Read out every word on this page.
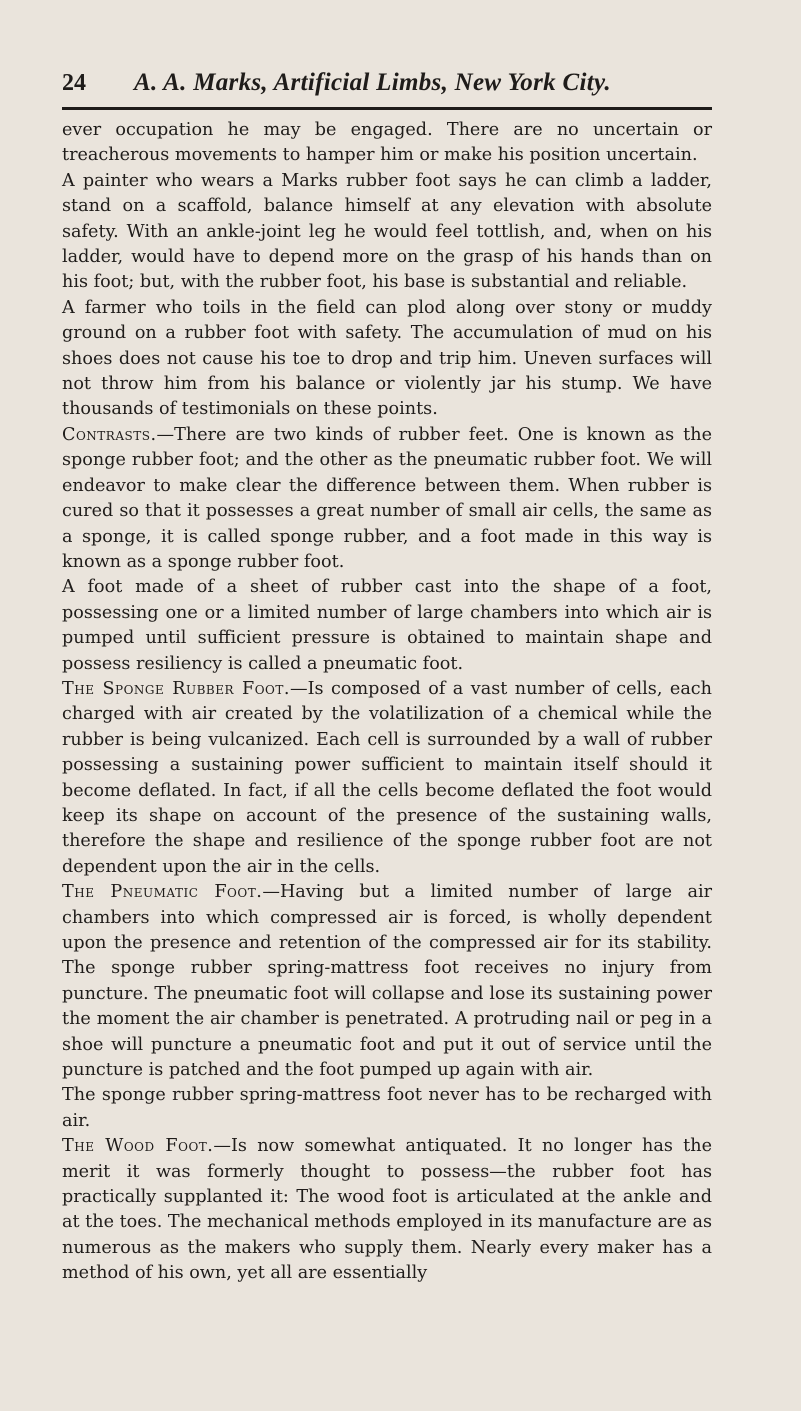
24 A. A. Marks, Artificial Limbs, New York City.

ever occupation he may be engaged. There are no uncertain or treacherous movements to hamper him or make his position uncertain.

A painter who wears a Marks rubber foot says he can climb a ladder, stand on a scaffold, balance himself at any elevation with absolute safety. With an ankle-joint leg he would feel tottlish, and, when on his ladder, would have to depend more on the grasp of his hands than on his foot; but, with the rubber foot, his base is substantial and reliable.

A farmer who toils in the field can plod along over stony or muddy ground on a rubber foot with safety. The accumulation of mud on his shoes does not cause his toe to drop and trip him. Uneven surfaces will not throw him from his balance or violently jar his stump. We have thousands of testimonials on these points.

Contrasts.—There are two kinds of rubber feet. One is known as the sponge rubber foot; and the other as the pneumatic rubber foot. We will endeavor to make clear the difference between them. When rubber is cured so that it possesses a great number of small air cells, the same as a sponge, it is called sponge rubber, and a foot made in this way is known as a sponge rubber foot.

A foot made of a sheet of rubber cast into the shape of a foot, possessing one or a limited number of large chambers into which air is pumped until sufficient pressure is obtained to maintain shape and possess resiliency is called a pneumatic foot.

The Sponge Rubber Foot.—Is composed of a vast number of cells, each charged with air created by the volatilization of a chemical while the rubber is being vulcanized. Each cell is surrounded by a wall of rubber possessing a sustaining power sufficient to maintain itself should it become deflated. In fact, if all the cells become deflated the foot would keep its shape on account of the presence of the sustaining walls, therefore the shape and resilience of the sponge rubber foot are not dependent upon the air in the cells.

The Pneumatic Foot.—Having but a limited number of large air chambers into which compressed air is forced, is wholly dependent upon the presence and retention of the compressed air for its stability. The sponge rubber spring-mattress foot receives no injury from puncture. The pneumatic foot will collapse and lose its sustaining power the moment the air chamber is penetrated. A protruding nail or peg in a shoe will puncture a pneumatic foot and put it out of service until the puncture is patched and the foot pumped up again with air.

The sponge rubber spring-mattress foot never has to be recharged with air.

The Wood Foot.—Is now somewhat antiquated. It no longer has the merit it was formerly thought to possess—the rubber foot has practically supplanted it: The wood foot is articulated at the ankle and at the toes. The mechanical methods employed in its manufacture are as numerous as the makers who supply them. Nearly every maker has a method of his own, yet all are essentially
